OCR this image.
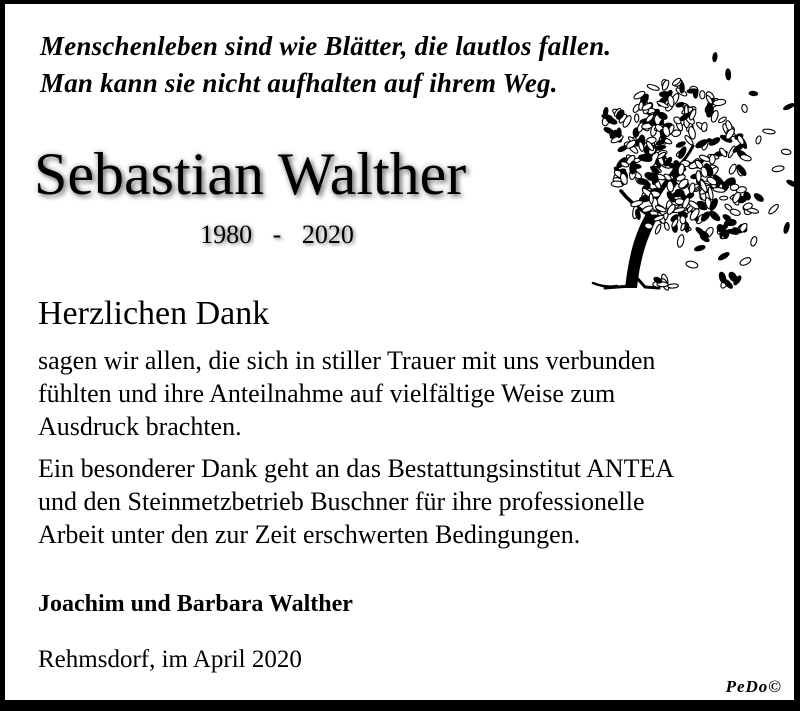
Menschenleben sind wie Blätter, die lautlos fallen.
Man kann sie nicht aufhalten auf ihrem Weg.
Sebastian Walther
1980 - 2020
Herzlichen Dank
sagen wir allen, die sich in stiller Trauer mit uns verbunden
fühlten und ihre Anteilnahme auf vielfältige Weise zum
Ausdruck brachten.
Ein besonderer Dank geht an das Bestattungsinstitut ANTEA
und den Steinmetzbetrieb Buschner für ihre professionelle
Arbeit unter den zur Zeit erschwerten Bedingungen.
Joachim und Barbara Walther
Rehmsdorf, im April 2020
PeDo©
